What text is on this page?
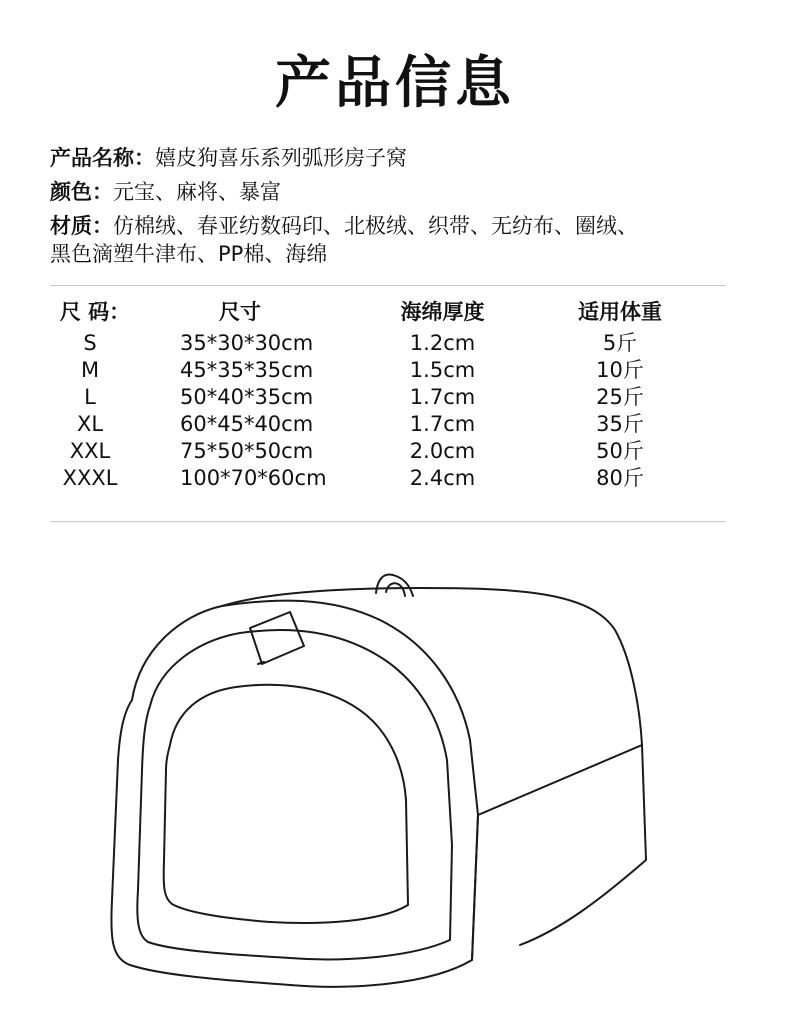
产品信息
产品名称：嬉皮狗喜乐系列弧形房子窝
颜色：元宝、麻将、暴富
材质：仿棉绒、春亚纺数码印、北极绒、织带、无纺布、圈绒、
黑色滴塑牛津布、PP棉、海绵
尺 码：	尺寸	海绵厚度	适用体重
S	35*30*30cm	1.2cm	5斤
M	45*35*35cm	1.5cm	10斤
L	50*40*35cm	1.7cm	25斤
XL	60*45*40cm	1.7cm	35斤
XXL	75*50*50cm	2.0cm	50斤
XXXL	100*70*60cm	2.4cm	80斤
